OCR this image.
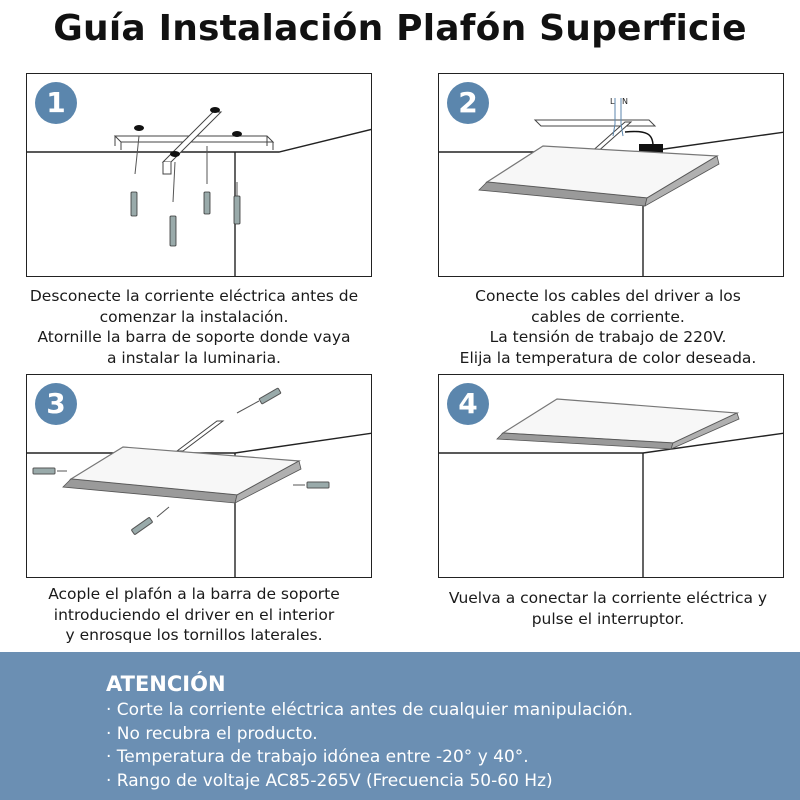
Guía Instalación Plafón Superficie
1
Desconecte la corriente eléctrica antes de
comenzar la instalación.
Atornille la barra de soporte donde vaya
a instalar la luminaria.
L N
2
Conecte los cables del driver a los
cables de corriente.
La tensión de trabajo de 220V.
Elija la temperatura de color deseada.
3
Acople el plafón a la barra de soporte
introduciendo el driver en el interior
y enrosque los tornillos laterales.
4
Vuelva a conectar la corriente eléctrica y
pulse el interruptor.
ATENCIÓN
· Corte la corriente eléctrica antes de cualquier manipulación.
· No recubra el producto.
· Temperatura de trabajo idónea entre -20° y 40°.
· Rango de voltaje AC85-265V (Frecuencia 50-60 Hz)
